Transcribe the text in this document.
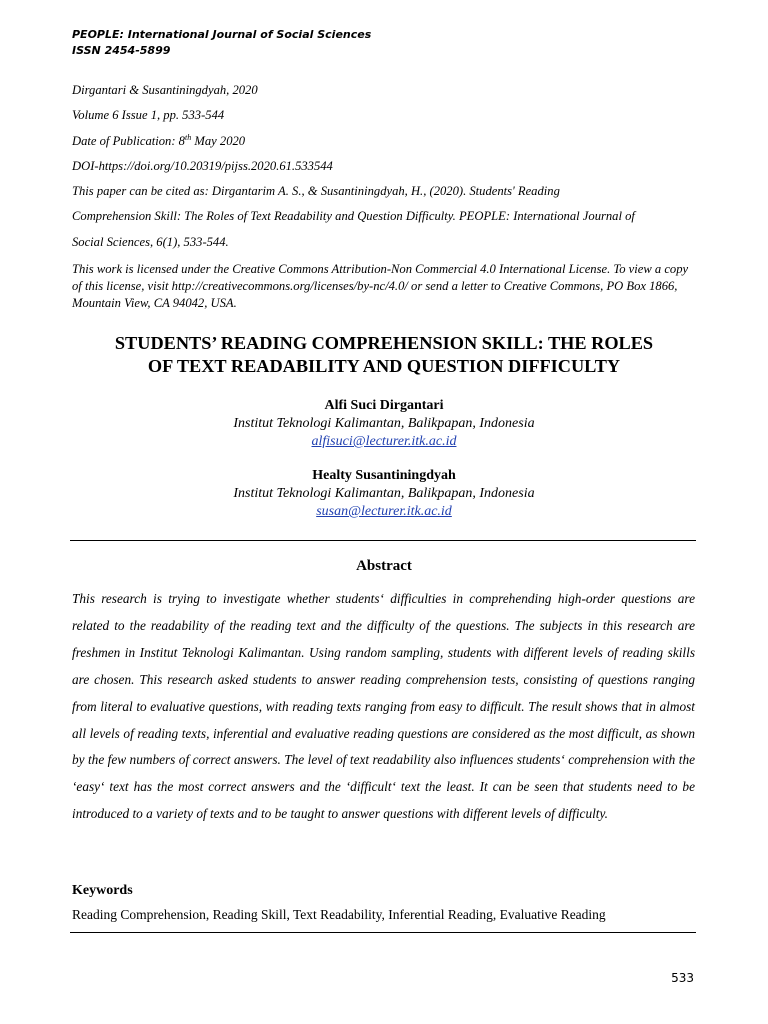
PEOPLE: International Journal of Social Sciences
ISSN 2454-5899
Dirgantari & Susantiningdyah, 2020
Volume 6 Issue 1, pp. 533-544
Date of Publication: 8th May 2020
DOI-https://doi.org/10.20319/pijss.2020.61.533544
This paper can be cited as: Dirgantarim A. S., & Susantiningdyah, H., (2020). Students' Reading
Comprehension Skill: The Roles of Text Readability and Question Difficulty. PEOPLE: International Journal of
Social Sciences, 6(1), 533-544.
This work is licensed under the Creative Commons Attribution-Non Commercial 4.0 International License. To view a copy of this license, visit http://creativecommons.org/licenses/by-nc/4.0/ or send a letter to Creative Commons, PO Box 1866, Mountain View, CA 94042, USA.
STUDENTS’ READING COMPREHENSION SKILL: THE ROLES
OF TEXT READABILITY AND QUESTION DIFFICULTY
Alfi Suci Dirgantari
Institut Teknologi Kalimantan, Balikpapan, Indonesia
alfisuci@lecturer.itk.ac.id
Healty Susantiningdyah
Institut Teknologi Kalimantan, Balikpapan, Indonesia
susan@lecturer.itk.ac.id
Abstract
This research is trying to investigate whether students‘ difficulties in comprehending high-order questions are related to the readability of the reading text and the difficulty of the questions. The subjects in this research are freshmen in Institut Teknologi Kalimantan. Using random sampling, students with different levels of reading skills are chosen. This research asked students to answer reading comprehension tests, consisting of questions ranging from literal to evaluative questions, with reading texts ranging from easy to difficult. The result shows that in almost all levels of reading texts, inferential and evaluative reading questions are considered as the most difficult, as shown by the few numbers of correct answers. The level of text readability also influences students‘ comprehension with the ‘easy‘ text has the most correct answers and the ‘difficult‘ text the least. It can be seen that students need to be introduced to a variety of texts and to be taught to answer questions with different levels of difficulty.
Keywords
Reading Comprehension, Reading Skill, Text Readability, Inferential Reading, Evaluative Reading
533
